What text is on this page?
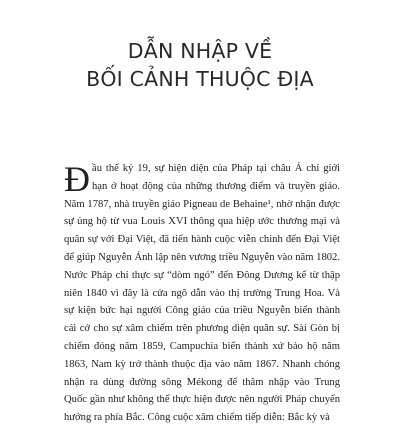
DẪN NHẬP VỀ
BỐI CẢNH THUỘC ĐỊA

Đầu thế kỷ 19, sự hiện diện của Pháp tại châu Á chỉ giới hạn ở hoạt động của những thương điếm và truyền giáo. Năm 1787, nhà truyền giáo Pigneau de Behaine¹, nhờ nhận được sự ủng hộ từ vua Louis XVI thông qua hiệp ước thương mại và quân sự với Đại Việt, đã tiến hành cuộc viễn chinh đến Đại Việt để giúp Nguyễn Ánh lập nên vương triều Nguyễn vào năm 1802. Nước Pháp chỉ thực sự “dòm ngó” đến Đông Dương kể từ thập niên 1840 vì đây là cửa ngõ dẫn vào thị trường Trung Hoa. Và sự kiện bức hại người Công giáo của triều Nguyễn biến thành cái cớ cho sự xâm chiếm trên phương diện quân sự. Sài Gòn bị chiếm đóng năm 1859, Campuchia biến thành xứ bảo hộ năm 1863, Nam kỳ trở thành thuộc địa vào năm 1867. Nhanh chóng nhận ra dùng đường sông Mékong để thâm nhập vào Trung Quốc gần như không thể thực hiện được nên người Pháp chuyển hướng ra phía Bắc. Công cuộc xâm chiếm tiếp diễn: Bắc kỳ và
